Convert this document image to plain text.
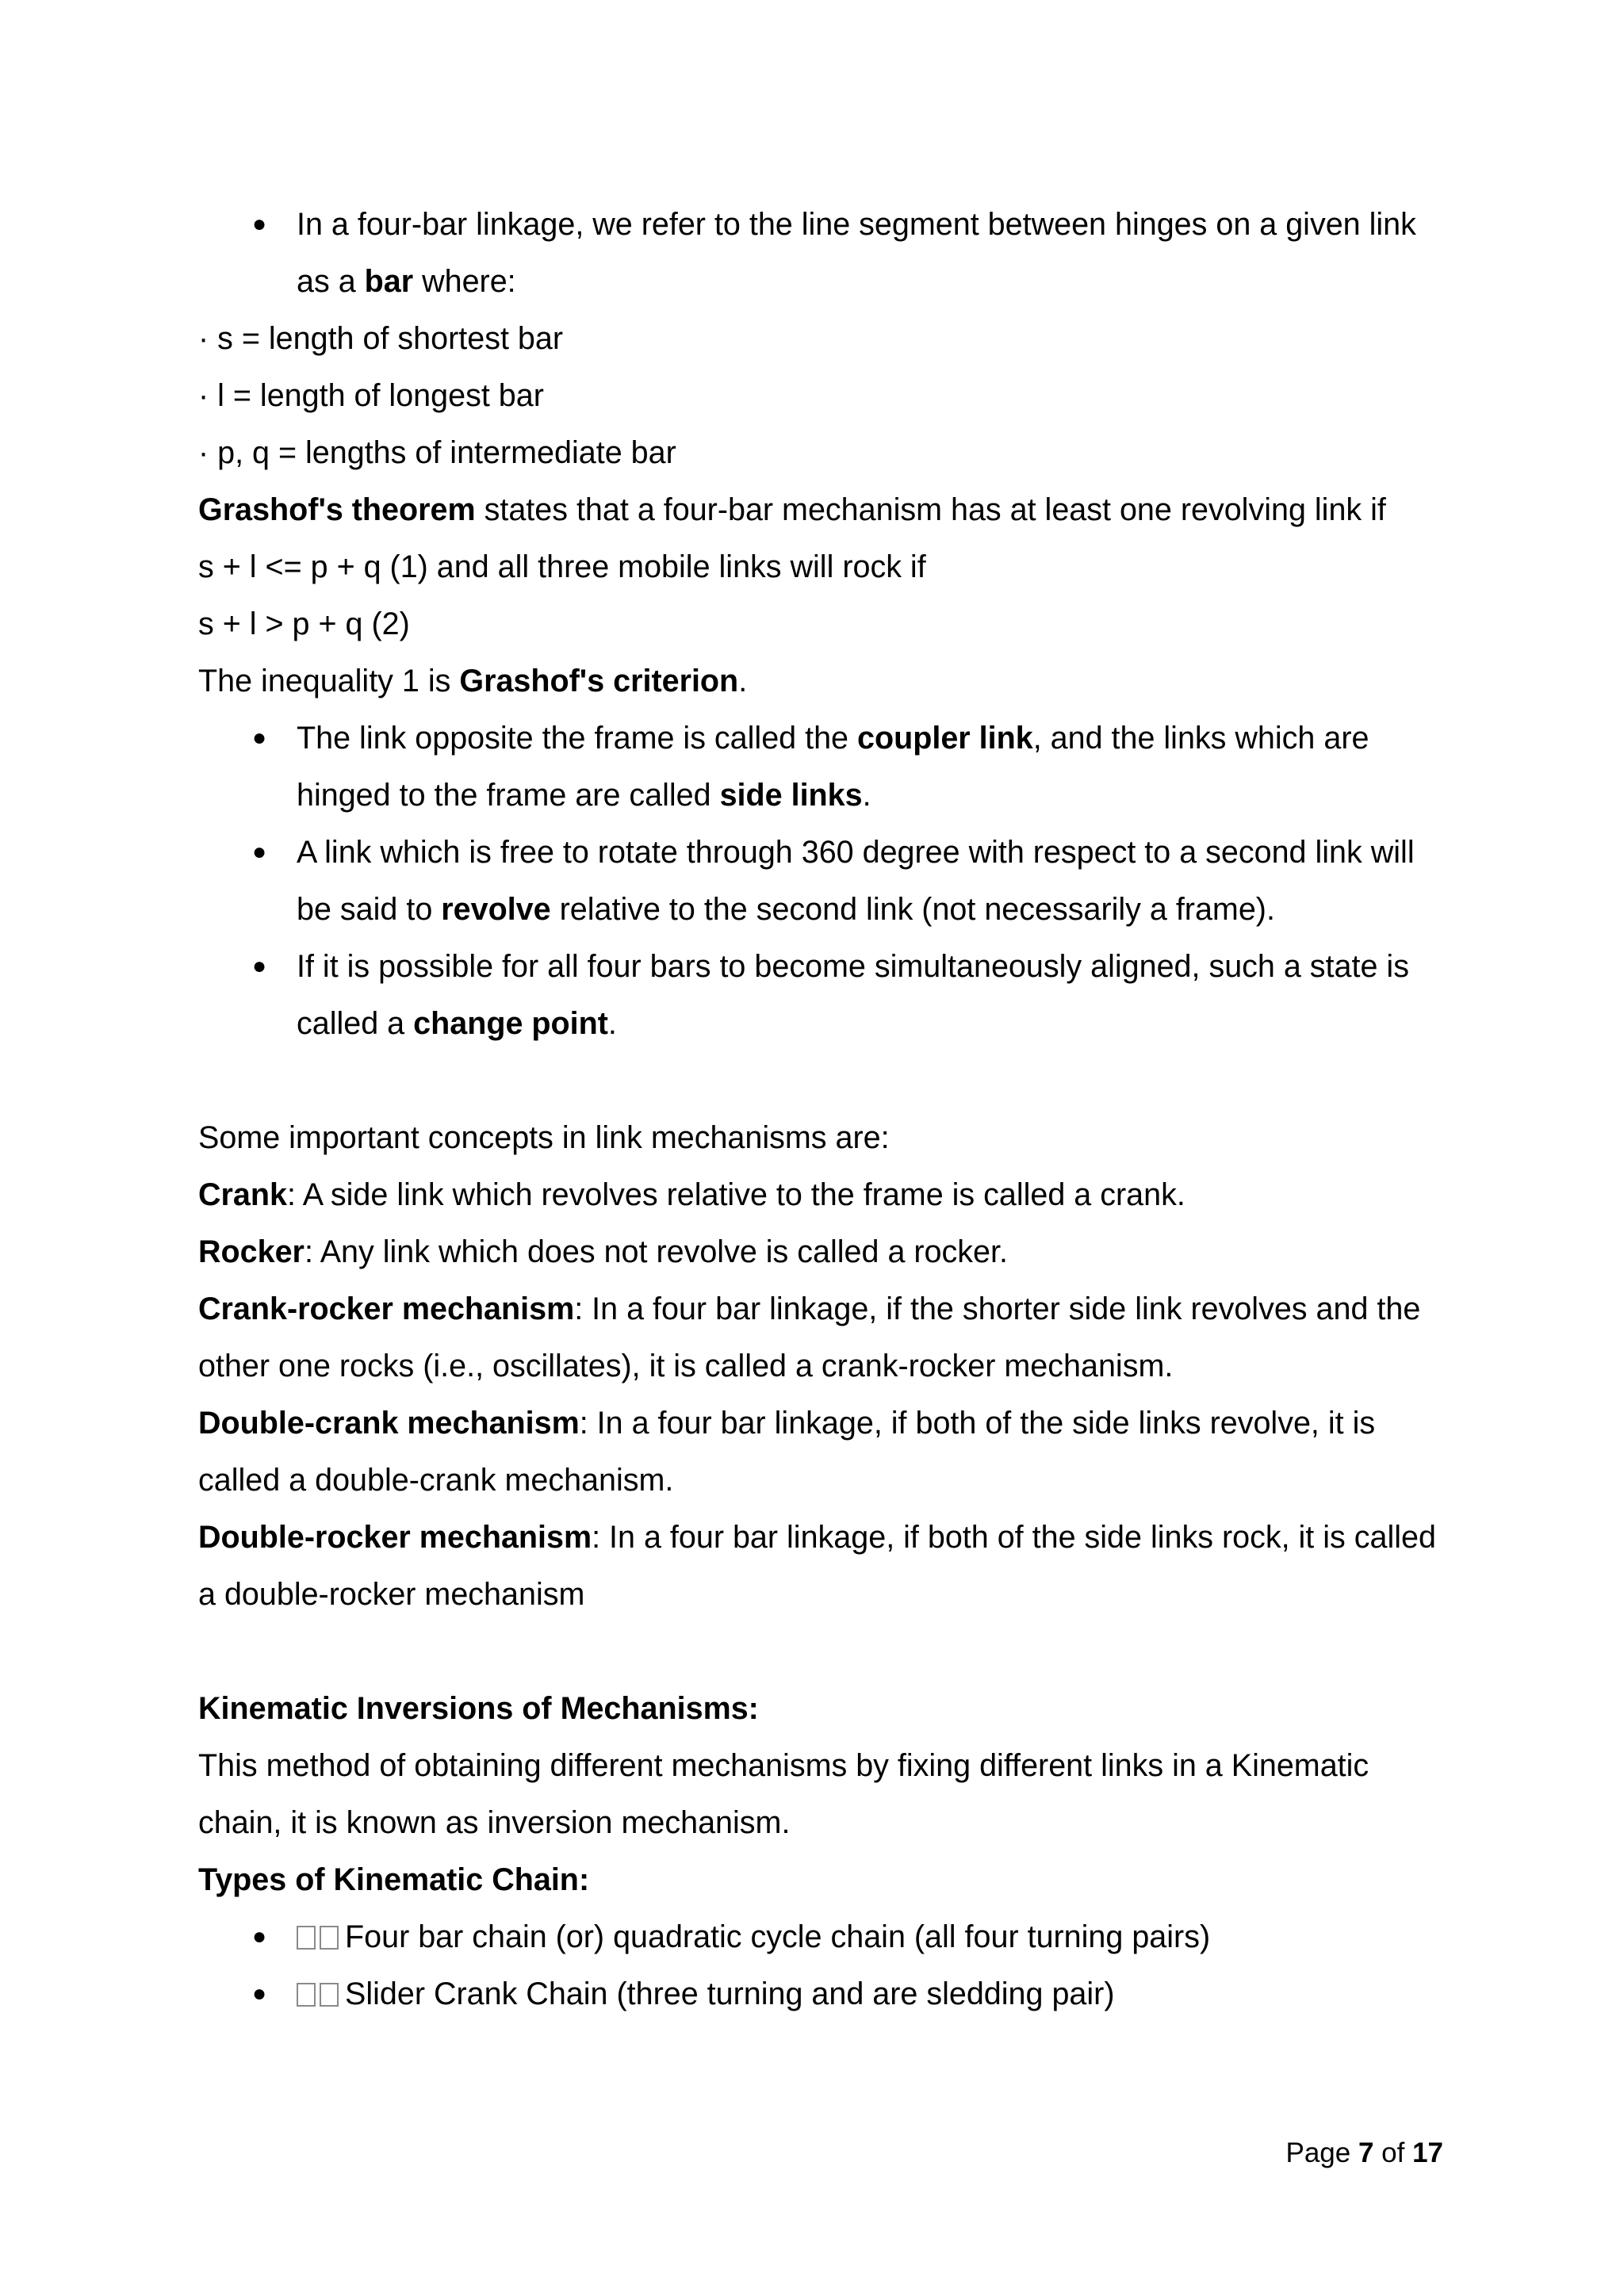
● In a four-bar linkage, we refer to the line segment between hinges on a given link as a bar where:

· s = length of shortest bar

· l = length of longest bar

· p, q = lengths of intermediate bar

Grashof's theorem states that a four-bar mechanism has at least one revolving link if

s + l <= p + q (1) and all three mobile links will rock if

s + l > p + q (2)

The inequality 1 is Grashof's criterion.

● The link opposite the frame is called the coupler link, and the links which are hinged to the frame are called side links.
● A link which is free to rotate through 360 degree with respect to a second link will be said to revolve relative to the second link (not necessarily a frame).
● If it is possible for all four bars to become simultaneously aligned, such a state is called a change point.

Some important concepts in link mechanisms are:

Crank: A side link which revolves relative to the frame is called a crank.

Rocker: Any link which does not revolve is called a rocker.

Crank-rocker mechanism: In a four bar linkage, if the shorter side link revolves and the other one rocks (i.e., oscillates), it is called a crank-rocker mechanism.

Double-crank mechanism: In a four bar linkage, if both of the side links revolve, it is called a double-crank mechanism.

Double-rocker mechanism: In a four bar linkage, if both of the side links rock, it is called a double-rocker mechanism

Kinematic Inversions of Mechanisms:

This method of obtaining different mechanisms by fixing different links in a Kinematic chain, it is known as inversion mechanism.

Types of Kinematic Chain:

●	Four bar chain (or) quadratic cycle chain (all four turning pairs)
●	Slider Crank Chain (three turning and are sledding pair)
Page 7 of 17
